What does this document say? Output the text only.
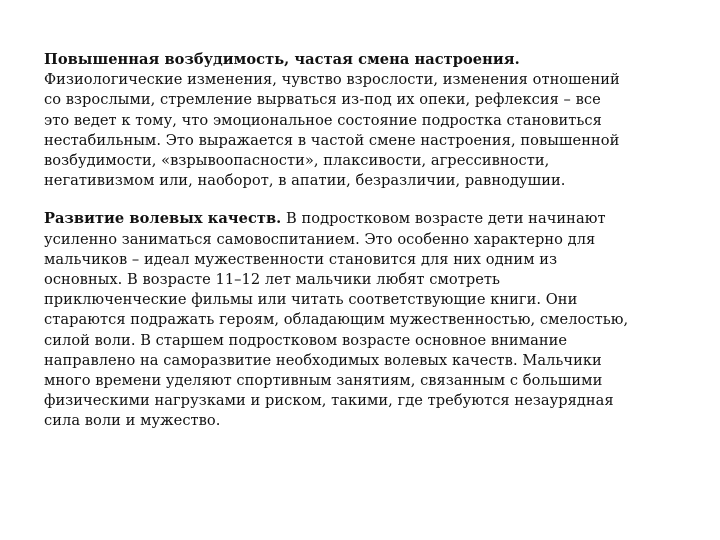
Повышенная возбудимость, частая смена настроения.
Физиологические изменения, чувство взрослости, изменения отношений
со взрослыми, стремление вырваться из-под их опеки, рефлексия – все
это ведет к тому, что эмоциональное состояние подростка становиться
нестабильным. Это выражается в частой смене настроения, повышенной
возбудимости, «взрывоопасности», плаксивости, агрессивности,
негативизмом или, наоборот, в апатии, безразличии, равнодушии.

Развитие волевых качеств. В подростковом возрасте дети начинают
усиленно заниматься самовоспитанием. Это особенно характерно для
мальчиков – идеал мужественности становится для них одним из
основных. В возрасте 11–12 лет мальчики любят смотреть
приключенческие фильмы или читать соответствующие книги. Они
стараются подражать героям, обладающим мужественностью, смелостью,
силой воли. В старшем подростковом возрасте основное внимание
направлено на саморазвитие необходимых волевых качеств. Мальчики
много времени уделяют спортивным занятиям, связанным с большими
физическими нагрузками и риском, такими, где требуются незаурядная
сила воли и мужество.
